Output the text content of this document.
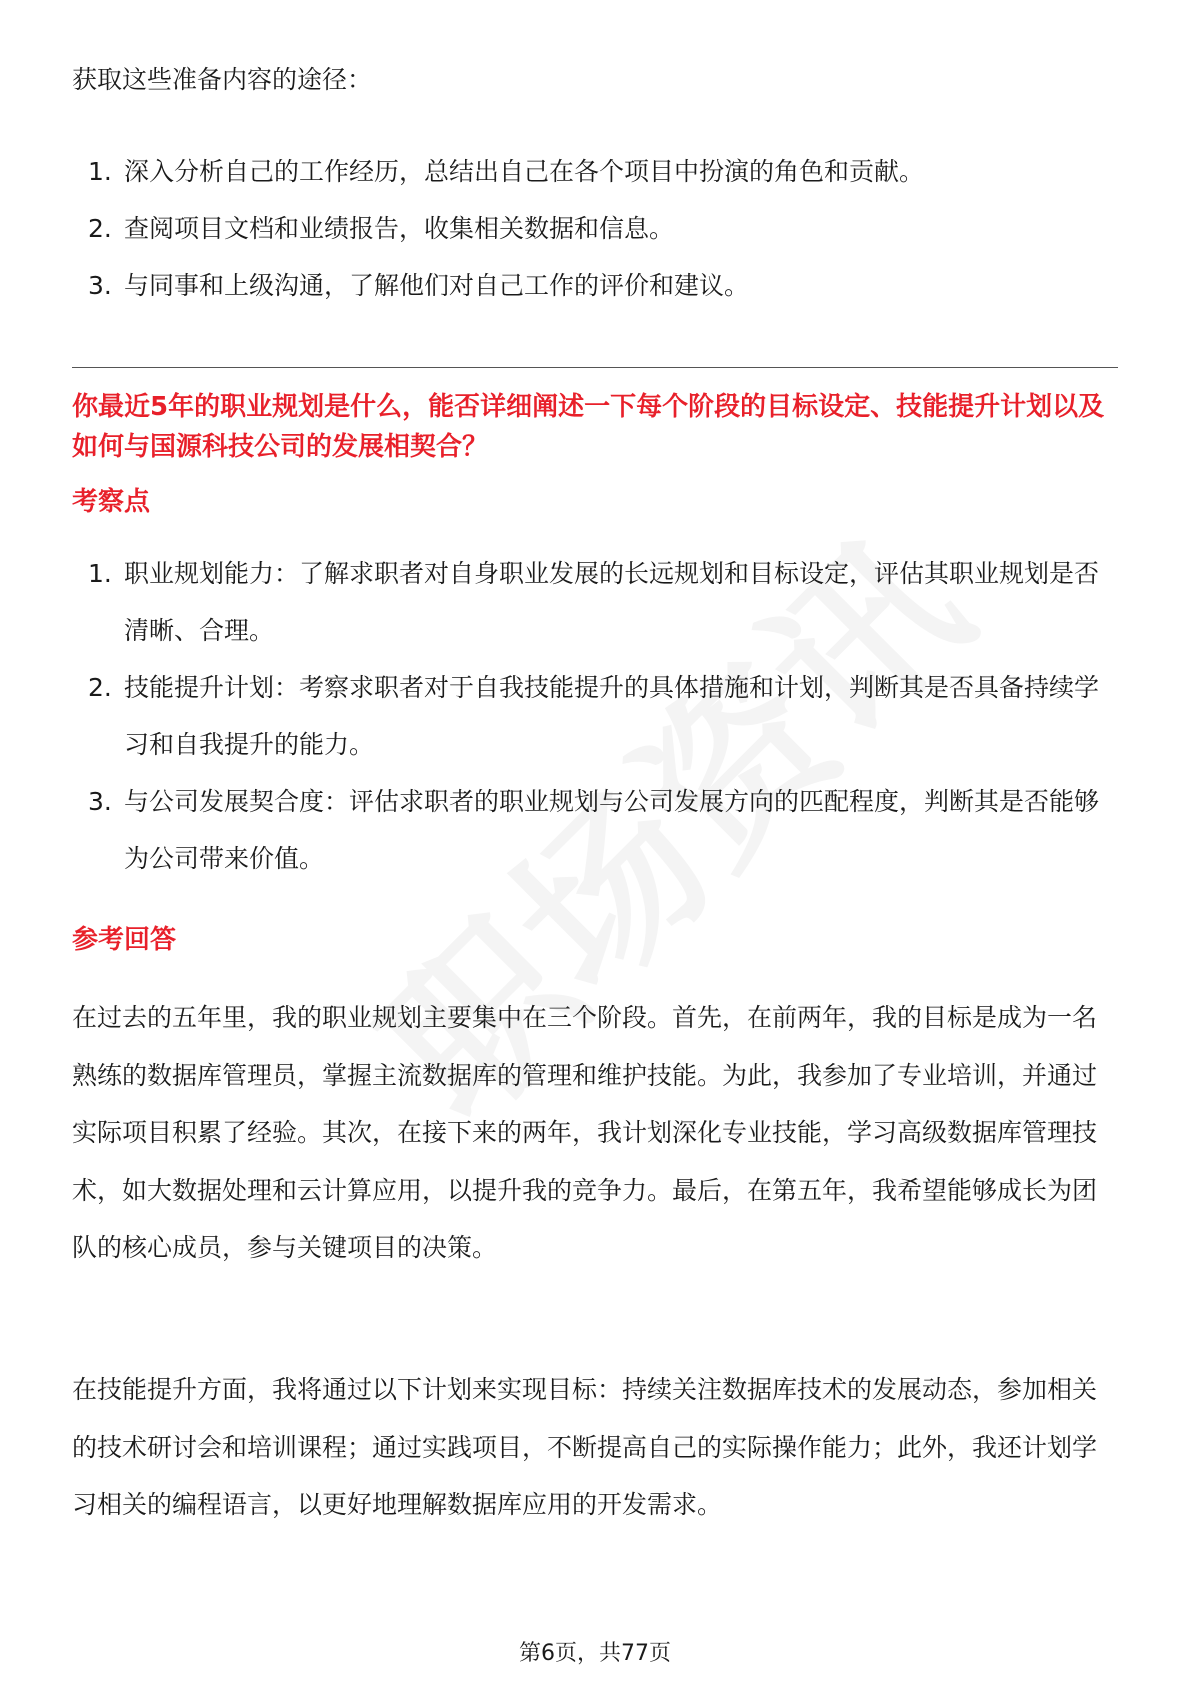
获取这些准备内容的途径：

1. 深入分析自己的工作经历，总结出自己在各个项目中扮演的角色和贡献。
2. 查阅项目文档和业绩报告，收集相关数据和信息。
3. 与同事和上级沟通，了解他们对自己工作的评价和建议。

你最近5年的职业规划是什么，能否详细阐述一下每个阶段的目标设定、技能提升计划以及如何与国源科技公司的发展相契合？

考察点

1. 职业规划能力：了解求职者对自身职业发展的长远规划和目标设定，评估其职业规划是否清晰、合理。
2. 技能提升计划：考察求职者对于自我技能提升的具体措施和计划，判断其是否具备持续学习和自我提升的能力。
3. 与公司发展契合度：评估求职者的职业规划与公司发展方向的匹配程度，判断其是否能够为公司带来价值。

参考回答

在过去的五年里，我的职业规划主要集中在三个阶段。首先，在前两年，我的目标是成为一名熟练的数据库管理员，掌握主流数据库的管理和维护技能。为此，我参加了专业培训，并通过实际项目积累了经验。其次，在接下来的两年，我计划深化专业技能，学习高级数据库管理技术，如大数据处理和云计算应用，以提升我的竞争力。最后，在第五年，我希望能够成长为团队的核心成员，参与关键项目的决策。

在技能提升方面，我将通过以下计划来实现目标：持续关注数据库技术的发展动态，参加相关的技术研讨会和培训课程；通过实践项目，不断提高自己的实际操作能力；此外，我还计划学习相关的编程语言，以更好地理解数据库应用的开发需求。

第6页，共77页
